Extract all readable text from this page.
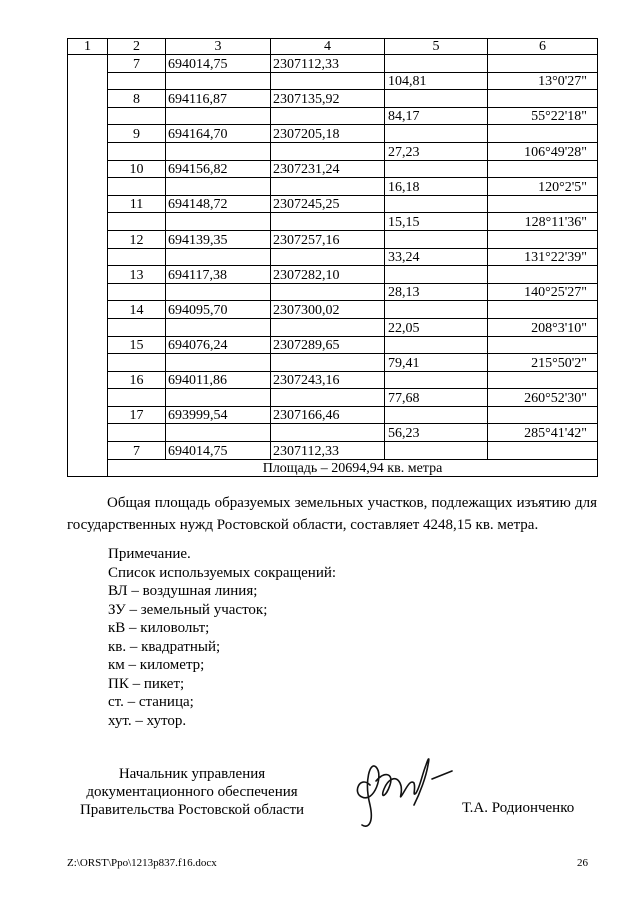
1	2	3	4	5	6
	7	694014,75	2307112,33		
				104,81	13°0'27"
	8	694116,87	2307135,92		
				84,17	55°22'18"
	9	694164,70	2307205,18		
				27,23	106°49'28"
	10	694156,82	2307231,24		
				16,18	120°2'5"
	11	694148,72	2307245,25		
				15,15	128°11'36"
	12	694139,35	2307257,16		
				33,24	131°22'39"
	13	694117,38	2307282,10		
				28,13	140°25'27"
	14	694095,70	2307300,02		
				22,05	208°3'10"
	15	694076,24	2307289,65		
				79,41	215°50'2"
	16	694011,86	2307243,16		
				77,68	260°52'30"
	17	693999,54	2307166,46		
				56,23	285°41'42"
	7	694014,75	2307112,33		
	Площадь – 20694,94 кв. метра				
Общая площадь образуемых земельных участков, подлежащих изъятию для государственных нужд Ростовской области, составляет 4248,15 кв. метра.
Примечание.
Список используемых сокращений:
ВЛ – воздушная линия;
ЗУ – земельный участок;
кВ – киловольт;
кв. – квадратный;
км – километр;
ПК – пикет;
ст. – станица;
хут. – хутор.
Начальник управления
документационного обеспечения
Правительства Ростовской области	Т.А. Родионченко
Z:\ORST\Ppo\1213p837.f16.docx	26
